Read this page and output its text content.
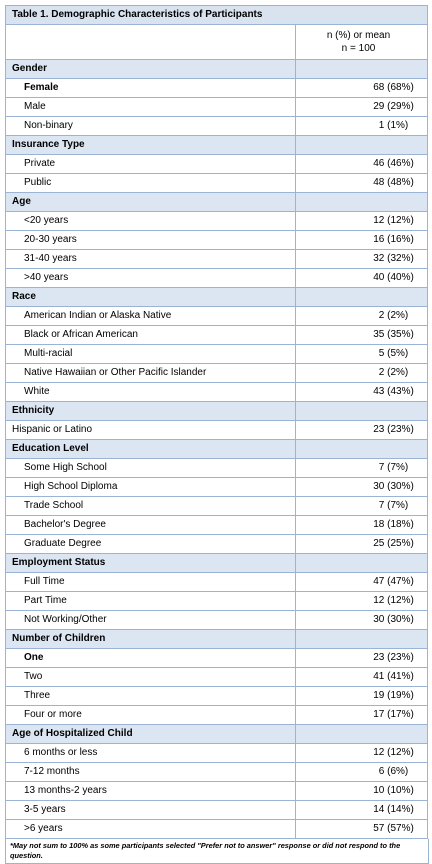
Table 1. Demographic Characteristics of Participants	

	n (%) or mean
n = 100

Gender	
Female	68 (68%)
Male	29 (29%)
Non-binary	1 (1%)
Insurance Type	
Private	46 (46%)
Public	48 (48%)
Age	
<20 years	12 (12%)
20-30 years	16 (16%)
31-40 years	32 (32%)
>40 years	40 (40%)
Race	
American Indian or Alaska Native	2 (2%)
Black or African American	35 (35%)
Multi-racial	5 (5%)
Native Hawaiian or Other Pacific Islander	2 (2%)
White	43 (43%)
Ethnicity	
Hispanic or Latino	23 (23%)
Education Level	
Some High School	7 (7%)
High School Diploma	30 (30%)
Trade School	7 (7%)
Bachelor's Degree	18 (18%)
Graduate Degree	25 (25%)
Employment Status	
Full Time	47 (47%)
Part Time	12 (12%)
Not Working/Other	30 (30%)
Number of Children	
One	23 (23%)
Two	41 (41%)
Three	19 (19%)
Four or more	17 (17%)
Age of Hospitalized Child	
6 months or less	12 (12%)
7-12 months	6 (6%)
13 months-2 years	10 (10%)
3-5 years	14 (14%)
>6 years	57 (57%)
*May not sum to 100% as some participants selected "Prefer not to answer" response or did not respond to the question.
